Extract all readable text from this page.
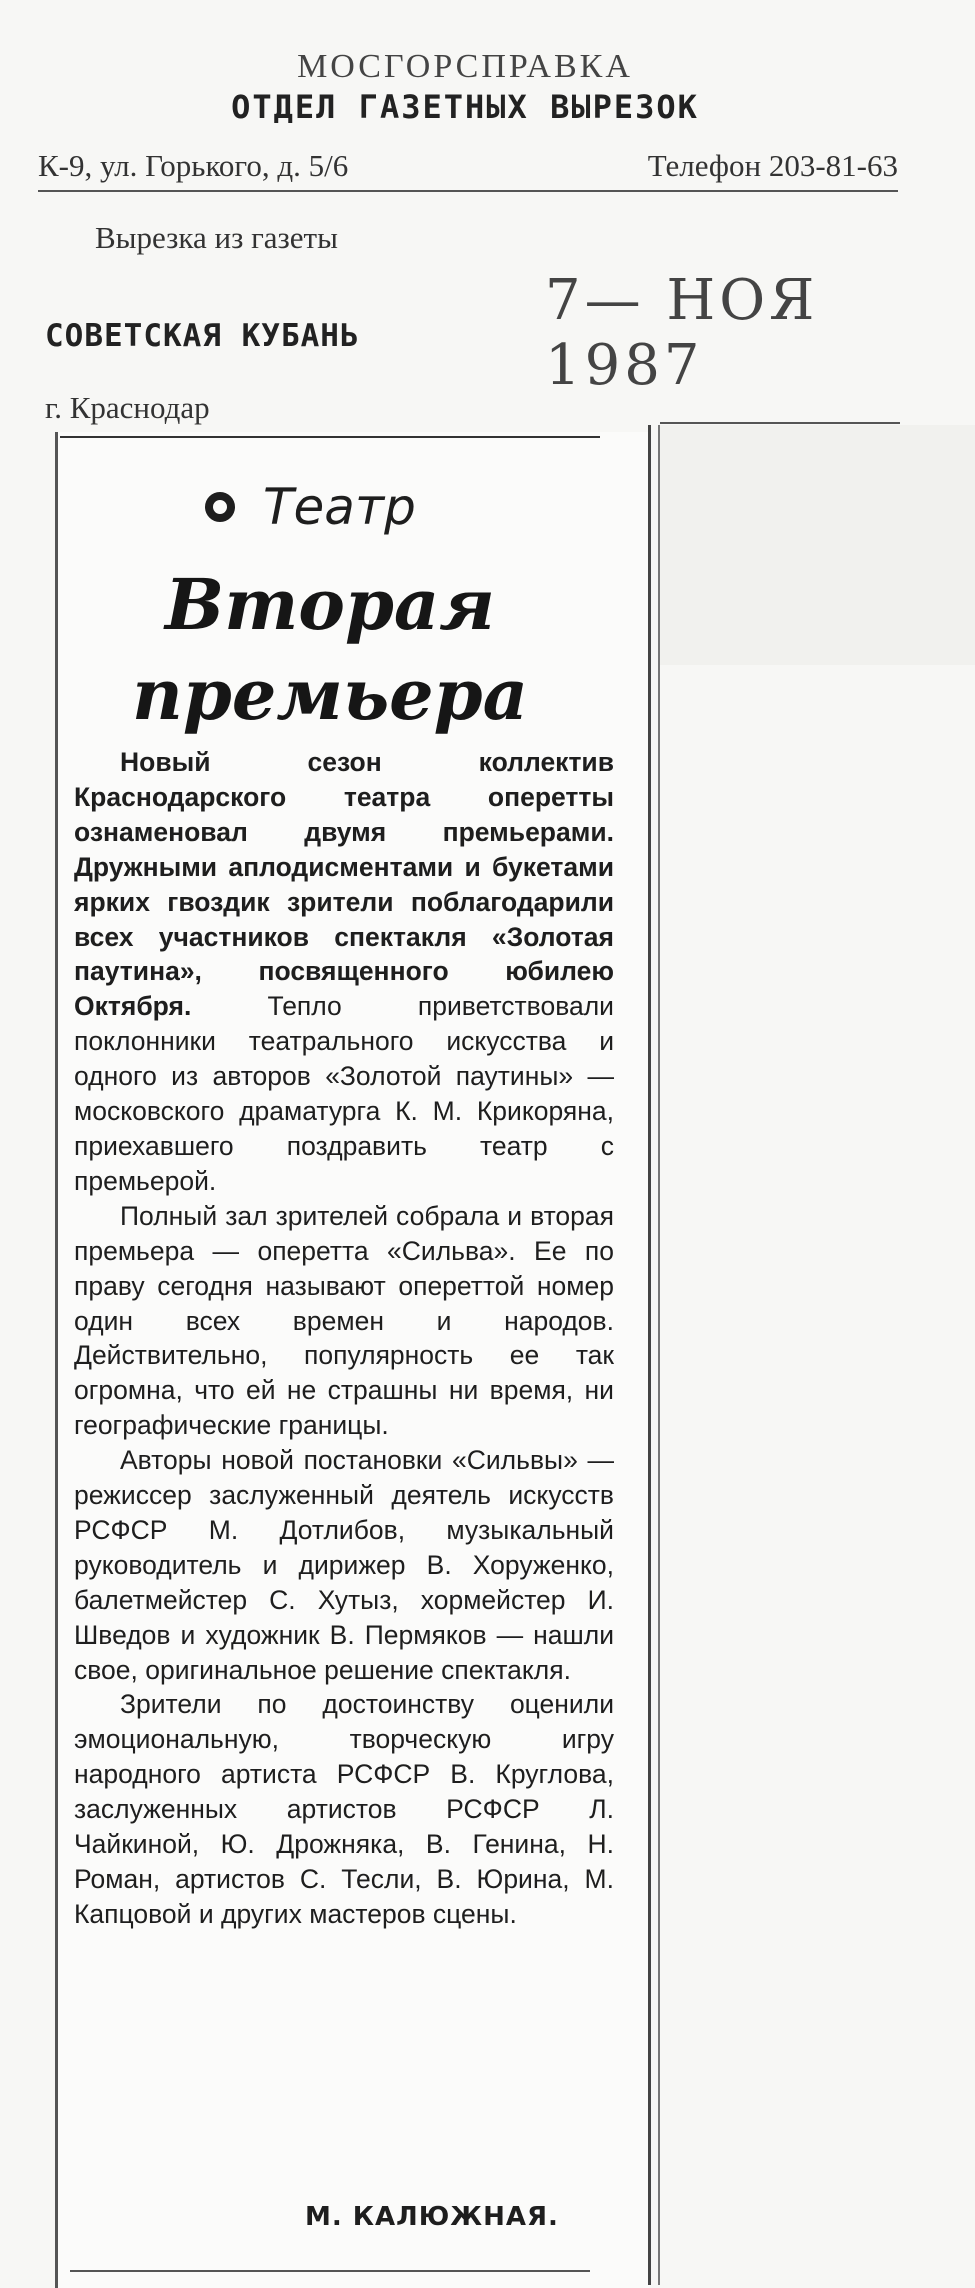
МОСГОРСПРАВКА
ОТДЕЛ ГАЗЕТНЫХ ВЫРЕЗОК
К-9, ул. Горького, д. 5/6	Телефон 203-81-63
Вырезка из газеты
СОВЕТСКАЯ КУБАНЬ
7— НОЯ 1987
г. Краснодар
Театр
Вторая
премьера

Новый сезон коллектив Краснодарского театра оперетты ознаменовал двумя премьерами. Дружными аплодисментами и букетами ярких гвоздик зрители поблагодарили всех участников спектакля «Золотая паутина», посвященного юбилею Октября.	Тепло приветствовали поклонники театрального искусства и одного из авторов «Золотой паутины» — московского драматурга К. М. Крикоряна, приехавшего поздравить театр с премьерой.

Полный зал зрителей собрала и вторая премьера — оперетта «Сильва». Ее по праву сегодня называют опереттой номер один всех времен и народов. Действительно, популярность ее так огромна, что ей не страшны ни время, ни географические границы.

Авторы новой постановки «Сильвы» — режиссер заслуженный деятель искусств РСФСР М. Дотлибов, музыкальный руководитель и дирижер В. Хоруженко, балетмейстер С. Хутыз, хормейстер И. Шведов и художник В. Пермяков — нашли свое, оригинальное решение спектакля.

Зрители по достоинству оценили эмоциональную, творческую игру народного артиста РСФСР В. Круглова, заслуженных артистов РСФСР Л. Чайкиной, Ю. Дрожняка, В. Генина, Н. Роман, артистов С. Тесли, В. Юрина, М. Капцовой и других мастеров сцены.

М. КАЛЮЖНАЯ.
